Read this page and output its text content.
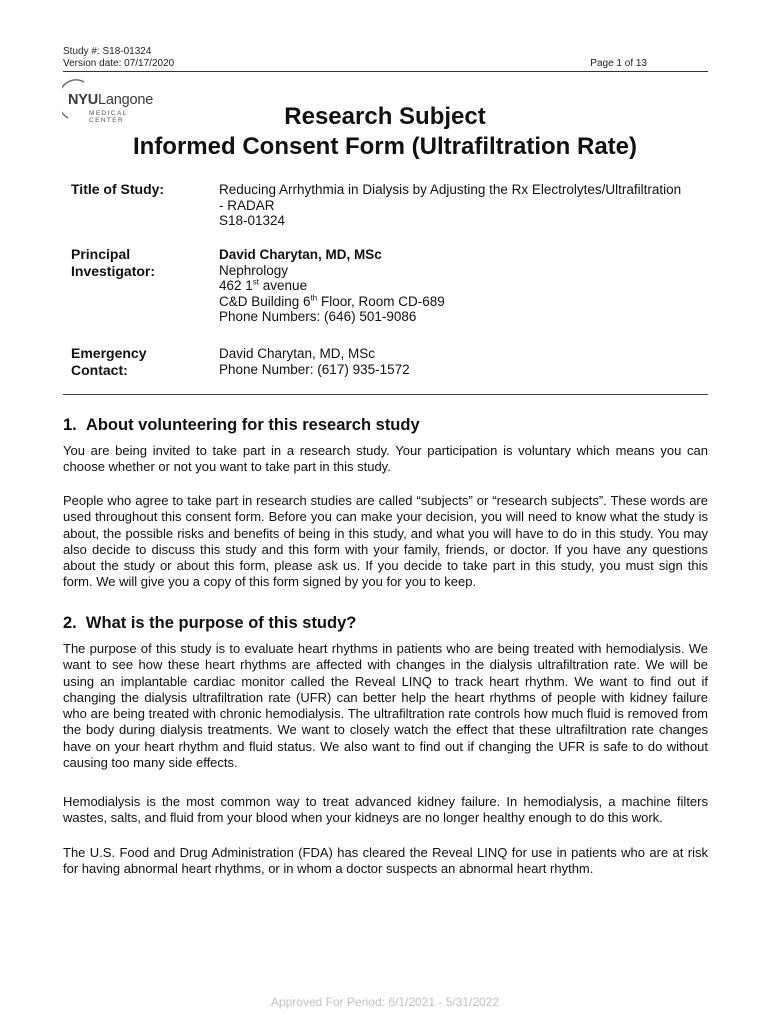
Study #: S18-01324
Version date: 07/17/2020	Page 1 of 13
NYULangone
MEDICAL CENTER	Research Subject
Informed Consent Form (Ultrafiltration Rate)
Title of Study:	Reducing Arrhythmia in Dialysis by Adjusting the Rx Electrolytes/Ultrafiltration
- RADAR
S18-01324
Principal
Investigator:
David Charytan, MD, MSc
Nephrology
462 1st avenue
C&D Building 6th Floor, Room CD-689
Phone Numbers: (646) 501-9086
Emergency
Contact:
David Charytan, MD, MSc
Phone Number: (617) 935-1572
1.  About volunteering for this research study

You are being invited to take part in a research study. Your participation is voluntary which means you can choose whether or not you want to take part in this study.

People who agree to take part in research studies are called “subjects” or “research subjects”. These words are used throughout this consent form. Before you can make your decision, you will need to know what the study is about, the possible risks and benefits of being in this study, and what you will have to do in this study. You may also decide to discuss this study and this form with your family, friends, or doctor. If you have any questions about the study or about this form, please ask us. If you decide to take part in this study, you must sign this form. We will give you a copy of this form signed by you for you to keep.

2.  What is the purpose of this study?

The purpose of this study is to evaluate heart rhythms in patients who are being treated with hemodialysis. We want to see how these heart rhythms are affected with changes in the dialysis ultrafiltration rate. We will be using an implantable cardiac monitor called the Reveal LINQ to track heart rhythm. We want to find out if changing the dialysis ultrafiltration rate (UFR) can better help the heart rhythms of people with kidney failure who are being treated with chronic hemodialysis. The ultrafiltration rate controls how much fluid is removed from the body during dialysis treatments. We want to closely watch the effect that these ultrafiltration rate changes have on your heart rhythm and fluid status. We also want to find out if changing the UFR is safe to do without causing too many side effects.

Hemodialysis is the most common way to treat advanced kidney failure. In hemodialysis, a machine filters wastes, salts, and fluid from your blood when your kidneys are no longer healthy enough to do this work.

The U.S. Food and Drug Administration (FDA) has cleared the Reveal LINQ for use in patients who are at risk for having abnormal heart rhythms, or in whom a doctor suspects an abnormal heart rhythm.

Approved For Period: 6/1/2021 - 5/31/2022
